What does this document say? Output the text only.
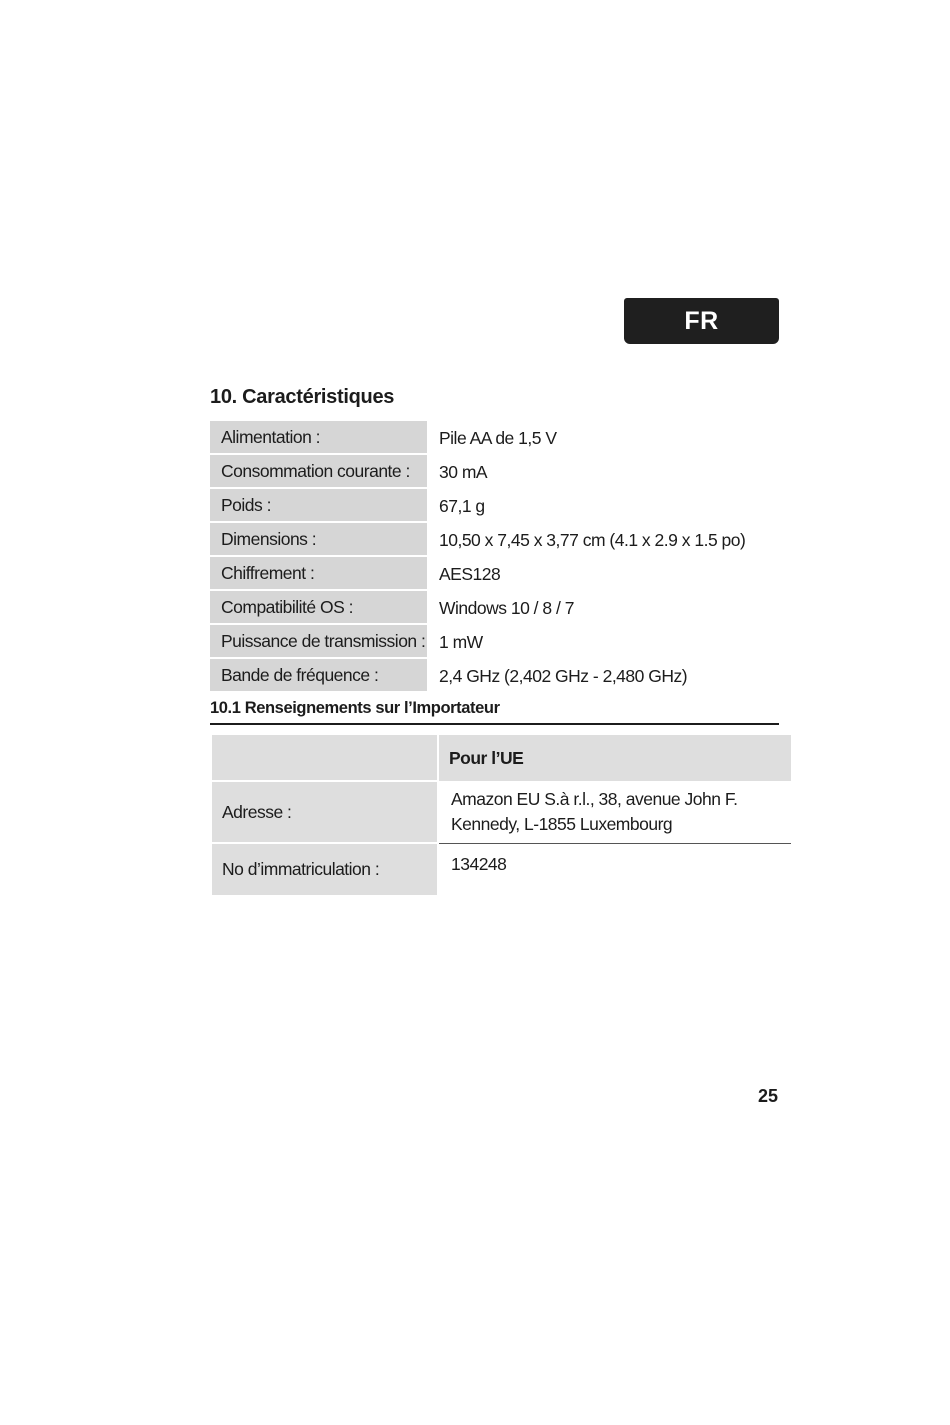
FR
10. Caractéristiques
Alimentation :	Pile AA de 1,5 V
Consommation courante :	30 mA
Poids :	67,1 g
Dimensions :	10,50 x 7,45 x 3,77 cm (4.1 x 2.9 x 1.5 po)
Chiffrement :	AES128
Compatibilité OS :	Windows 10 / 8 / 7
Puissance de transmission :	1 mW
Bande de fréquence :	2,4 GHz (2,402 GHz - 2,480 GHz)
10.1 Renseignements sur l’Importateur
	Pour l’UE
Adresse :	Amazon EU S.à r.l., 38, avenue John F.
Kennedy, L-1855 Luxembourg

No d’immatriculation :	134248
25
